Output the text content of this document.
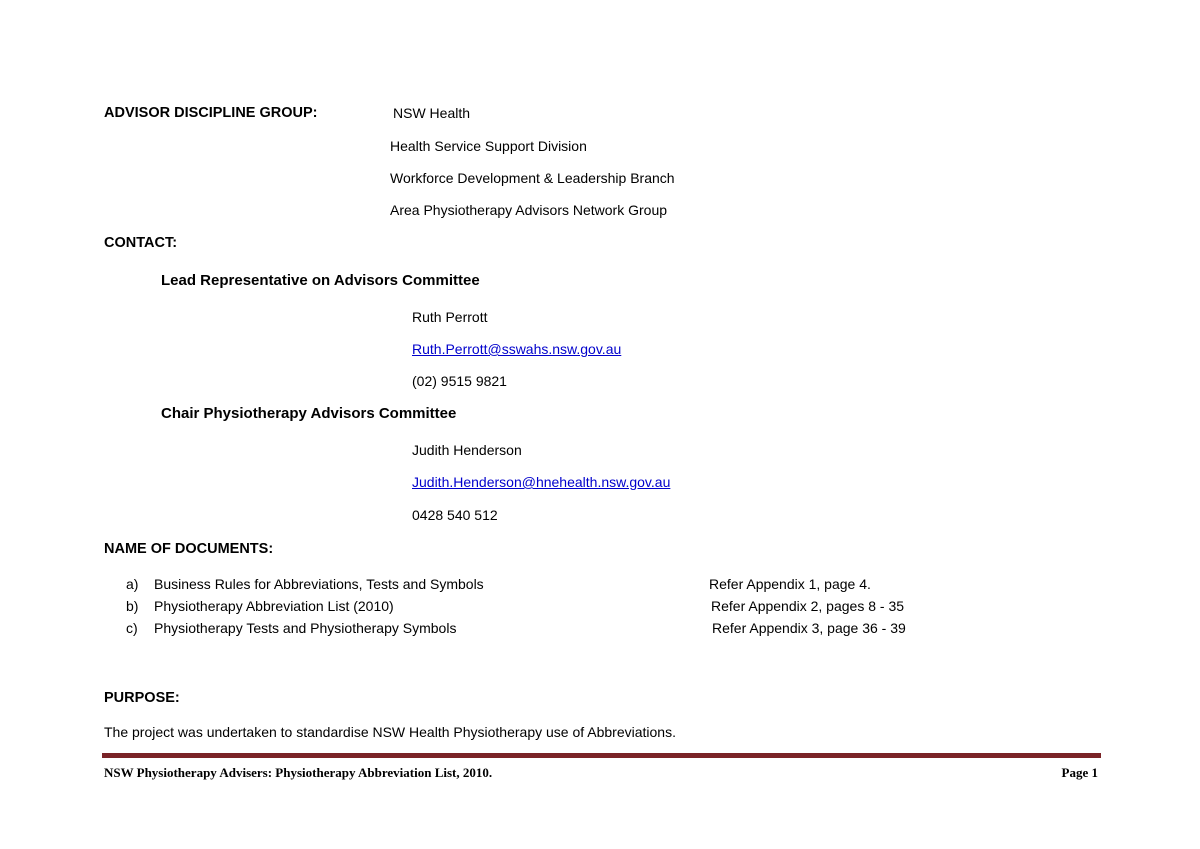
ADVISOR DISCIPLINE GROUP:	NSW Health
Health Service Support Division
Workforce Development & Leadership Branch
Area Physiotherapy Advisors Network Group
CONTACT:
Lead Representative on Advisors Committee
Ruth Perrott
Ruth.Perrott@sswahs.nsw.gov.au
(02) 9515 9821
Chair Physiotherapy Advisors Committee
Judith Henderson
Judith.Henderson@hnehealth.nsw.gov.au
0428 540 512
NAME OF DOCUMENTS:
a) Business Rules for Abbreviations, Tests and Symbols	Refer Appendix 1, page 4.
b) Physiotherapy Abbreviation List (2010)	Refer Appendix 2, pages 8 - 35
c) Physiotherapy Tests and Physiotherapy Symbols	Refer Appendix 3, page 36 - 39
PURPOSE:
The project was undertaken to standardise NSW Health Physiotherapy use of Abbreviations.
NSW Physiotherapy Advisers: Physiotherapy Abbreviation List, 2010.	Page 1
